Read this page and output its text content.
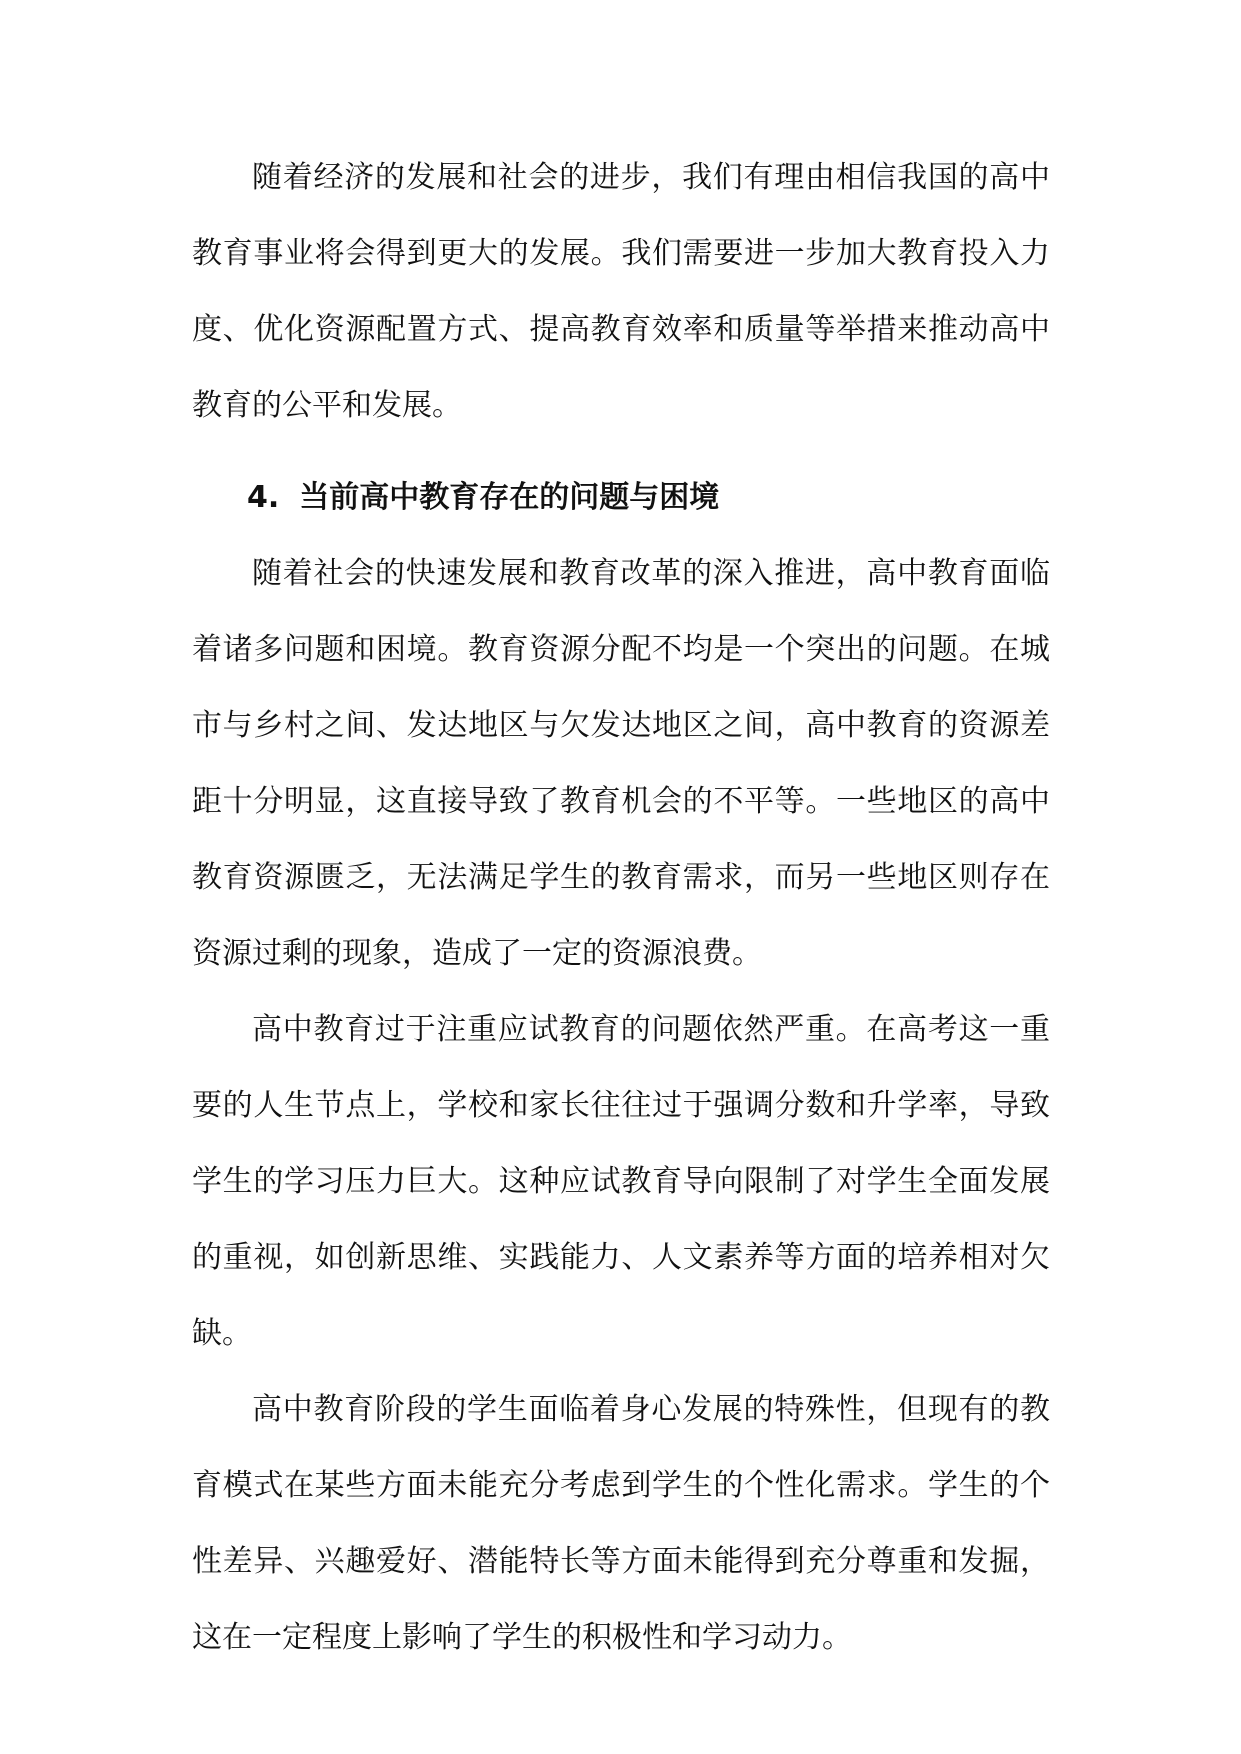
随着经济的发展和社会的进步，我们有理由相信我国的高中教育事业将会得到更大的发展。我们需要进一步加大教育投入力度、优化资源配置方式、提高教育效率和质量等举措来推动高中教育的公平和发展。

4. 当前高中教育存在的问题与困境

随着社会的快速发展和教育改革的深入推进，高中教育面临着诸多问题和困境。教育资源分配不均是一个突出的问题。在城市与乡村之间、发达地区与欠发达地区之间，高中教育的资源差距十分明显，这直接导致了教育机会的不平等。一些地区的高中教育资源匮乏，无法满足学生的教育需求，而另一些地区则存在资源过剩的现象，造成了一定的资源浪费。

高中教育过于注重应试教育的问题依然严重。在高考这一重要的人生节点上，学校和家长往往过于强调分数和升学率，导致学生的学习压力巨大。这种应试教育导向限制了对学生全面发展的重视，如创新思维、实践能力、人文素养等方面的培养相对欠缺。

高中教育阶段的学生面临着身心发展的特殊性，但现有的教育模式在某些方面未能充分考虑到学生的个性化需求。学生的个性差异、兴趣爱好、潜能特长等方面未能得到充分尊重和发掘，这在一定程度上影响了学生的积极性和学习动力。
